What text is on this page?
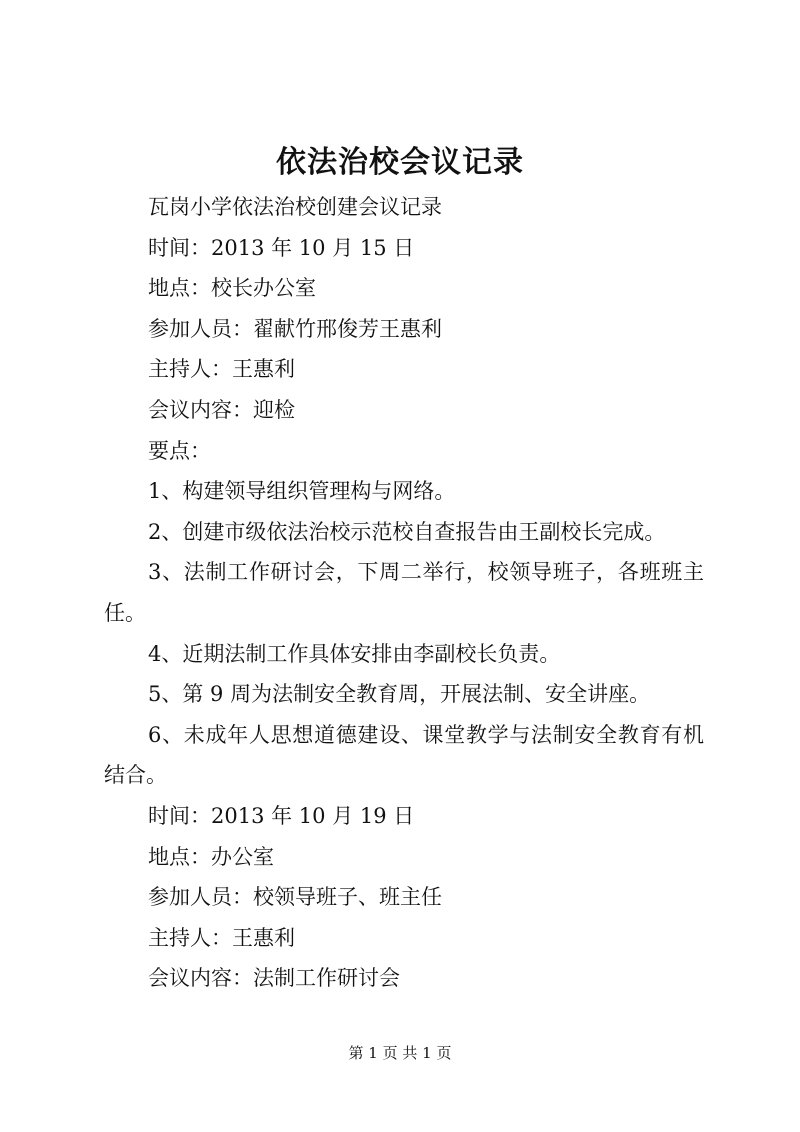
依法治校会议记录

瓦岗小学依法治校创建会议记录

时间：2013 年 10 月 15 日

地点：校长办公室

参加人员：翟献竹邢俊芳王惠利

主持人：王惠利

会议内容：迎检

要点：

1、构建领导组织管理构与网络。

2、创建市级依法治校示范校自查报告由王副校长完成。

3、法制工作研讨会，下周二举行，校领导班子，各班班主任。

4、近期法制工作具体安排由李副校长负责。

5、第 9 周为法制安全教育周，开展法制、安全讲座。

6、未成年人思想道德建设、课堂教学与法制安全教育有机结合。

时间：2013 年 10 月 19 日

地点：办公室

参加人员：校领导班子、班主任

主持人：王惠利

会议内容：法制工作研讨会

第 1 页 共 1 页
